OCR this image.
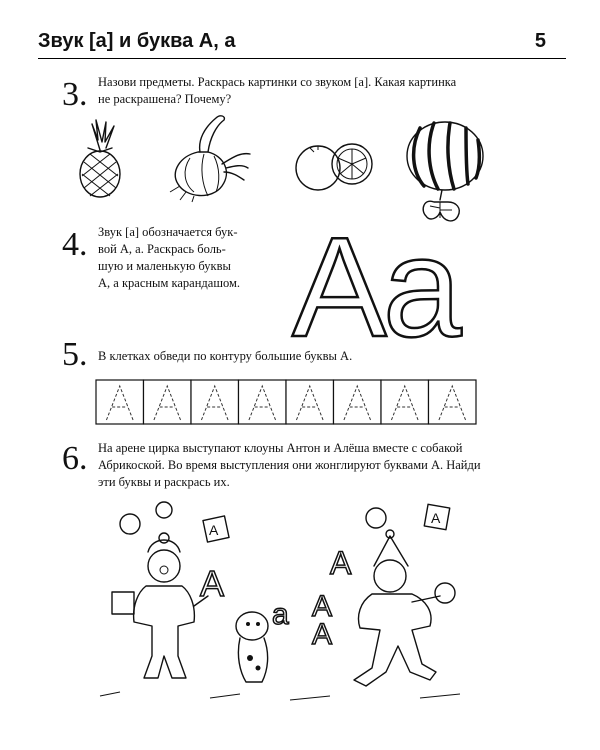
Звук [а] и буква А, а	5
3. Назови предметы. Раскрась картинки со звуком [а]. Какая картинка
не раскрашена? Почему?
4. Звук [а] обозначается бук-
вой А, а. Раскрась боль-
шую и маленькую буквы
А, а красным карандашом. Aa
5. В клетках обведи по контуру большие буквы А.
6. На арене цирка выступают клоуны Антон и Алёша вместе с собакой
Абрикоской. Во время выступления они жонглируют буквами А. Найди
эти буквы и раскрась их.
A
A
A
a
A
A
A
